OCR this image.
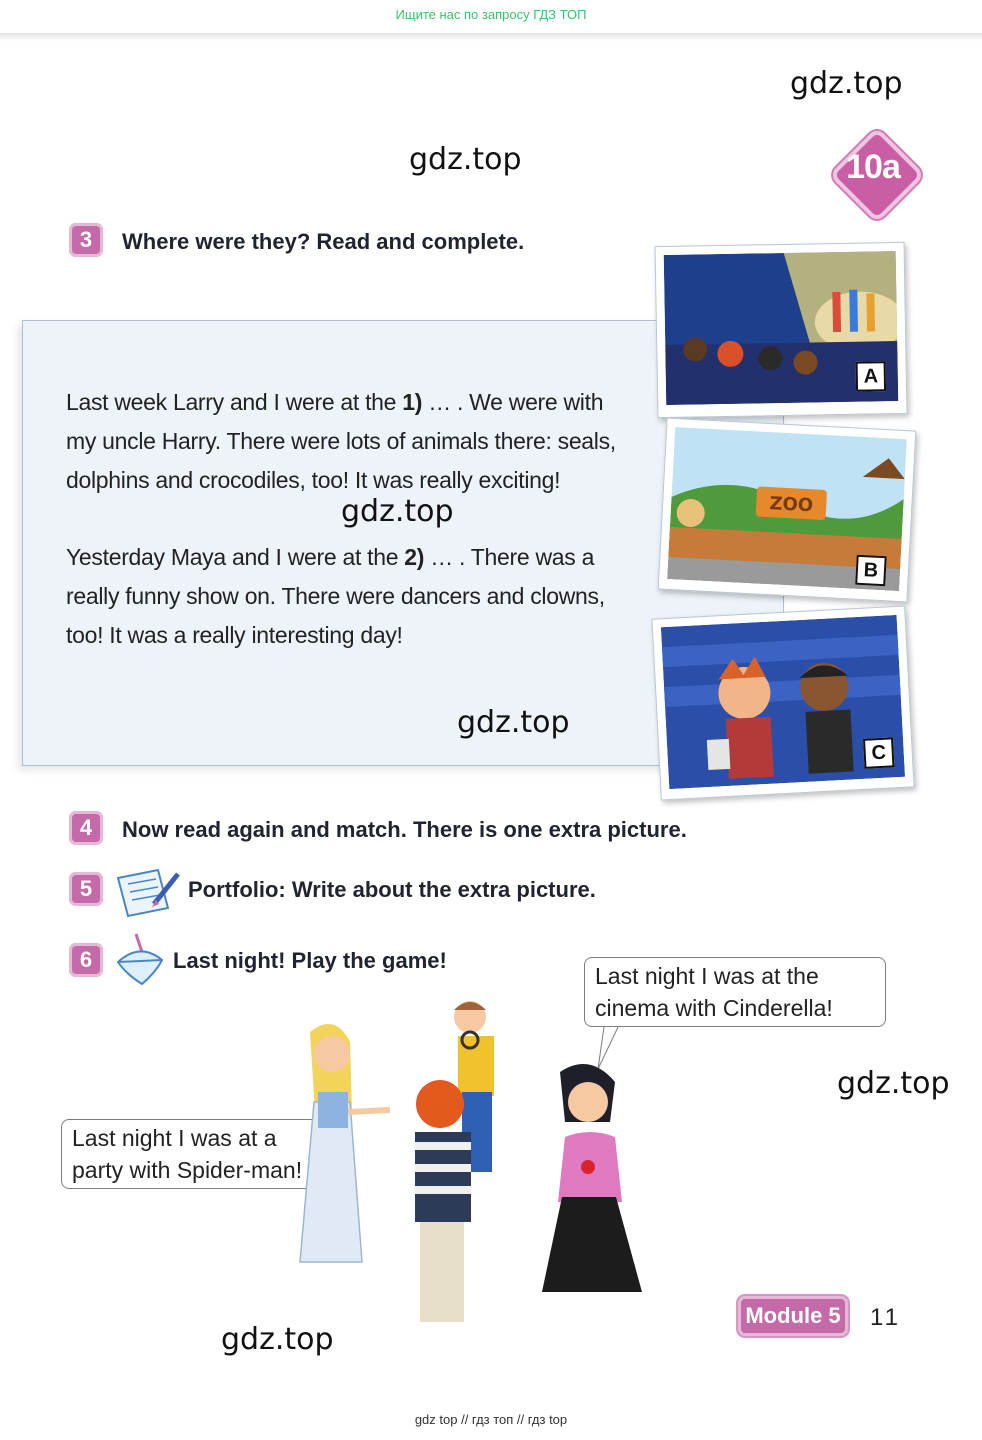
Ищите нас по запросу ГДЗ ТОП
gdz.top
gdz.top	10a
3	Where were they? Read and complete.
Last week Larry and I were at the 1) … . We were with my uncle Harry. There were lots of animals there: seals, dolphins and crocodiles, too! It was really exciting!
gdz.top
Yesterday Maya and I were at the 2) … . There was a really funny show on. There were dancers and clowns, too! It was a really interesting day!
gdz.top
A
ZOO
B
C
4	Now read again and match. There is one extra picture.
5	Portfolio: Write about the extra picture.
6	Last night! Play the game!
Last night I was at the cinema with Cinderella!
Last night I was at a party with Spider-man!
gdz.top
gdz.top
Module 5	11
gdz top // гдз топ // гдз top
